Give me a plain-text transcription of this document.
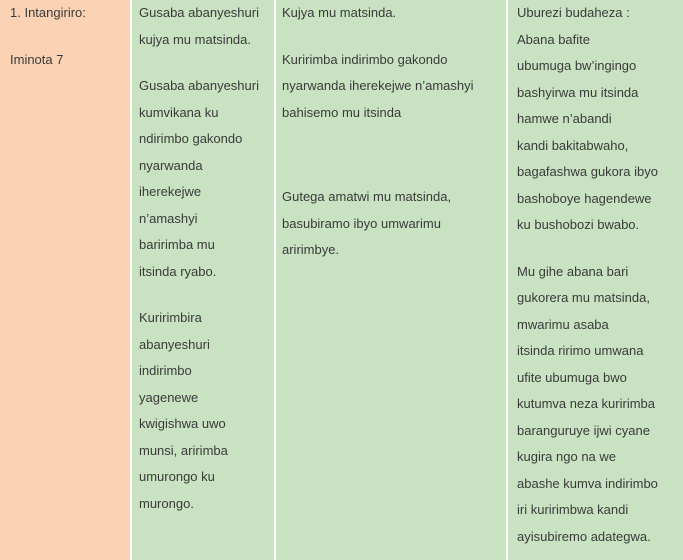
1. Intangiriro:
Iminota 7
Gusaba abanyeshuri
kujya mu matsinda.
Gusaba abanyeshuri
kumvikana ku
ndirimbo gakondo
nyarwanda
iherekejwe
n’amashyi
baririmba mu
itsinda ryabo.
Kuririmbira
abanyeshuri
indirimbo
yagenewe
kwigishwa uwo
munsi, aririmba
umurongo ku
murongo.
Kujya mu matsinda.
Kuririmba indirimbo gakondo
nyarwanda iherekejwe n’amashyi
bahisemo mu itsinda
Gutega amatwi mu matsinda,
basubiramo ibyo umwarimu
aririmbye.
Uburezi budaheza :
Abana bafite
ubumuga bw’ingingo
bashyirwa mu itsinda
hamwe n’abandi
kandi bakitabwaho,
bagafashwa gukora ibyo
bashoboye hagendewe
ku bushobozi bwabo.
Mu gihe abana bari
gukorera mu matsinda,
mwarimu asaba
itsinda ririmo umwana
ufite ubumuga bwo
kutumva neza kuririmba
baranguruye ijwi cyane
kugira ngo na we
abashe kumva indirimbo
iri kuririmbwa kandi
ayisubiremo adategwa.
